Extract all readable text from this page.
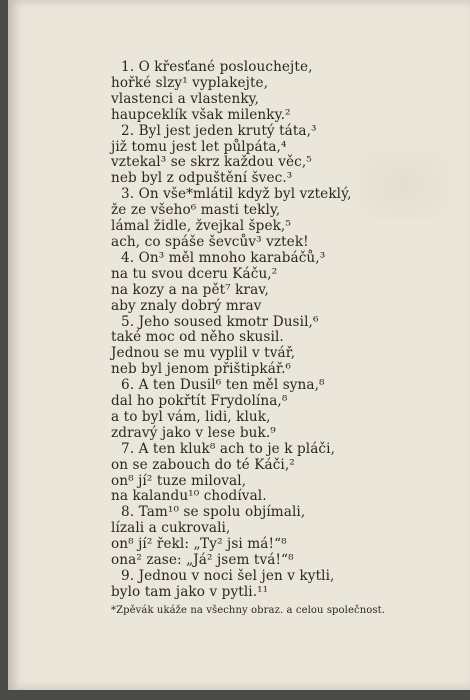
1. O křesťané poslouchejte,
hořké slzy¹ vyplakejte,
vlastenci a vlastenky,
haupceklík však milenky.²
2. Byl jest jeden krutý táta,³
již tomu jest let půlpáta,⁴
vztekal³ se skrz každou věc,⁵
neb byl z odpuštění švec.³
3. On vše*mlátil když byl vzteklý,
že ze všeho⁶ masti tekly,
lámal židle, žvejkal špek,⁵
ach, co spáše ševcův³ vztek!
4. On³ měl mnoho karabáčů,³
na tu svou dceru Káču,²
na kozy a na pět⁷ krav,
aby znaly dobrý mrav
5. Jeho soused kmotr Dusil,⁶
také moc od něho skusil.
Jednou se mu vyplil v tvář,
neb byl jenom přištipkář.⁶
6. A ten Dusil⁶ ten měl syna,⁸
dal ho pokřtít Frydolína,⁸
a to byl vám, lidi, kluk,
zdravý jako v lese buk.⁹
7. A ten kluk⁸ ach to je k pláči,
on se zabouch do té Káči,²
on⁸ jí² tuze miloval,
na kalandu¹⁰ chodíval.
8. Tam¹⁰ se spolu objímali,
lízali a cukrovali,
on⁸ jí² řekl: „Ty² jsi má!“⁸
ona² zase: „Já² jsem tvá!“⁸
9. Jednou v noci šel jen v kytli,
bylo tam jako v pytli.¹¹
*Zpěvák ukáže na všechny obraz. a celou společnost.
